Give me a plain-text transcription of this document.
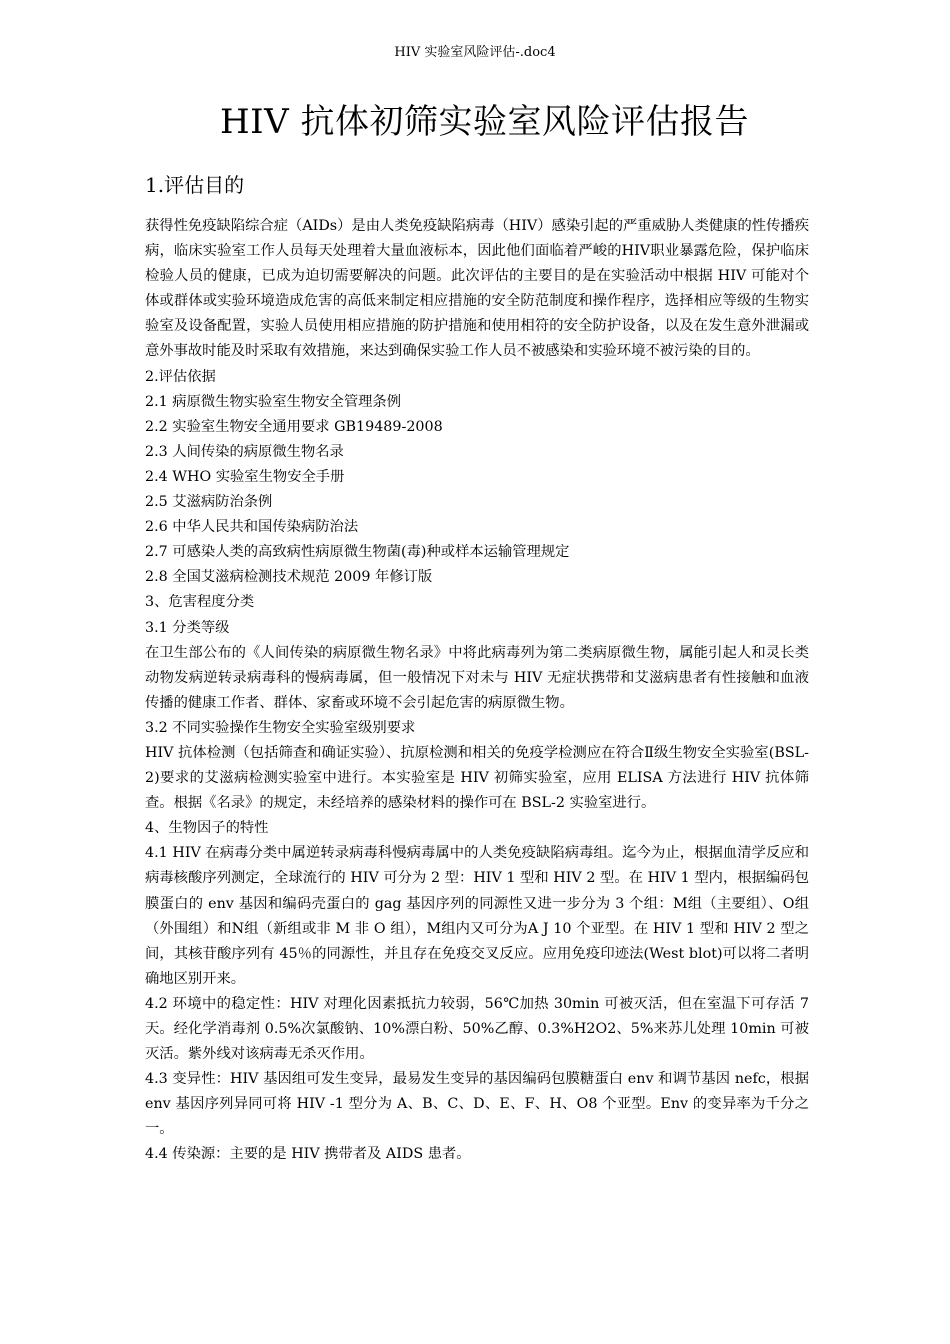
HIV 实验室风险评估-.doc4
HIV 抗体初筛实验室风险评估报告
1.评估目的

获得性免疫缺陷综合症（AIDs）是由人类免疫缺陷病毒（HIV）感染引起的严重威胁人类健康的性传播疾病，临床实验室工作人员每天处理着大量血液标本，因此他们面临着严峻的HIV职业暴露危险，保护临床检验人员的健康，已成为迫切需要解决的问题。此次评估的主要目的是在实验活动中根据 HIV 可能对个体或群体或实验环境造成危害的高低来制定相应措施的安全防范制度和操作程序，选择相应等级的生物实验室及设备配置，实验人员使用相应措施的防护措施和使用相符的安全防护设备，以及在发生意外泄漏或意外事故时能及时采取有效措施，来达到确保实验工作人员不被感染和实验环境不被污染的目的。

2.评估依据

2.1 病原微生物实验室生物安全管理条例

2.2 实验室生物安全通用要求 GB19489-2008

2.3 人间传染的病原微生物名录

2.4 WHO 实验室生物安全手册

2.5 艾滋病防治条例

2.6 中华人民共和国传染病防治法

2.7 可感染人类的高致病性病原微生物菌(毒)种或样本运输管理规定

2.8 全国艾滋病检测技术规范 2009 年修订版

3、危害程度分类

3.1 分类等级

在卫生部公布的《人间传染的病原微生物名录》中将此病毒列为第二类病原微生物，属能引起人和灵长类动物发病逆转录病毒科的慢病毒属，但一般情况下对未与 HIV 无症状携带和艾滋病患者有性接触和血液传播的健康工作者、群体、家畜或环境不会引起危害的病原微生物。

3.2 不同实验操作生物安全实验室级别要求

HIV 抗体检测（包括筛查和确证实验）、抗原检测和相关的免疫学检测应在符合Ⅱ级生物安全实验室(BSL-2)要求的艾滋病检测实验室中进行。本实验室是 HIV 初筛实验室，应用 ELISA 方法进行 HIV 抗体筛查。根据《名录》的规定，未经培养的感染材料的操作可在 BSL-2 实验室进行。

4、生物因子的特性

4.1 HIV 在病毒分类中属逆转录病毒科慢病毒属中的人类免疫缺陷病毒组。迄今为止，根据血清学反应和病毒核酸序列测定，全球流行的 HIV 可分为 2 型：HIV 1 型和 HIV 2 型。在 HIV 1 型内，根据编码包膜蛋白的 env 基因和编码壳蛋白的 gag 基因序列的同源性又进一步分为 3 个组：M组（主要组）、O组（外围组）和N组（新组或非 M 非 O 组），M组内又可分为A J 10 个亚型。在 HIV 1 型和 HIV 2 型之间，其核苷酸序列有 45％的同源性，并且存在免疫交叉反应。应用免疫印迹法(West blot)可以将二者明确地区别开来。

4.2 环境中的稳定性：HIV 对理化因素抵抗力较弱，56℃加热 30min 可被灭活，但在室温下可存活 7 天。经化学消毒剂 0.5%次氯酸钠、10%漂白粉、50%乙醇、0.3%H2O2、5%来苏儿处理 10min 可被灭活。紫外线对该病毒无杀灭作用。

4.3 变异性：HIV 基因组可发生变异，最易发生变异的基因编码包膜糖蛋白 env 和调节基因 nefc，根据 env 基因序列异同可将 HIV -1 型分为 A、B、C、D、E、F、H、O8 个亚型。Env 的变异率为千分之一。

4.4 传染源：主要的是 HIV 携带者及 AIDS 患者。
